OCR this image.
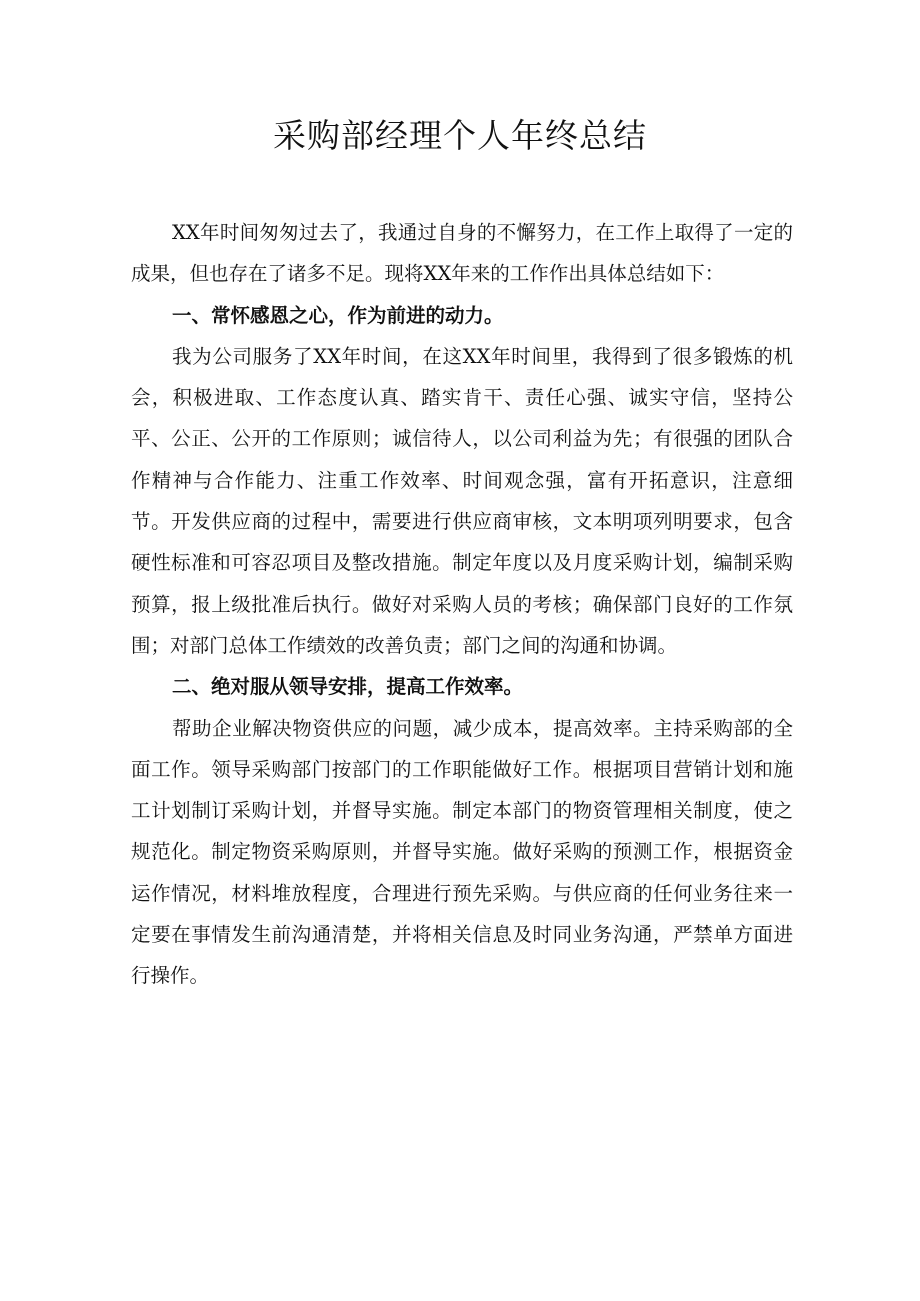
采购部经理个人年终总结

XX年时间匆匆过去了，我通过自身的不懈努力，在工作上取得了一定的成果，但也存在了诸多不足。现将XX年来的工作作出具体总结如下：

一、常怀感恩之心，作为前进的动力。

我为公司服务了XX年时间，在这XX年时间里，我得到了很多锻炼的机会，积极进取、工作态度认真、踏实肯干、责任心强、诚实守信，坚持公平、公正、公开的工作原则；诚信待人，以公司利益为先；有很强的团队合作精神与合作能力、注重工作效率、时间观念强，富有开拓意识，注意细节。开发供应商的过程中，需要进行供应商审核，文本明项列明要求，包含硬性标准和可容忍项目及整改措施。制定年度以及月度采购计划，编制采购预算，报上级批准后执行。做好对采购人员的考核；确保部门良好的工作氛围；对部门总体工作绩效的改善负责；部门之间的沟通和协调。

二、绝对服从领导安排，提高工作效率。

帮助企业解决物资供应的问题，减少成本，提高效率。主持采购部的全面工作。领导采购部门按部门的工作职能做好工作。根据项目营销计划和施工计划制订采购计划，并督导实施。制定本部门的物资管理相关制度，使之规范化。制定物资采购原则，并督导实施。做好采购的预测工作，根据资金运作情况，材料堆放程度，合理进行预先采购。与供应商的任何业务往来一定要在事情发生前沟通清楚，并将相关信息及时同业务沟通，严禁单方面进行操作。
